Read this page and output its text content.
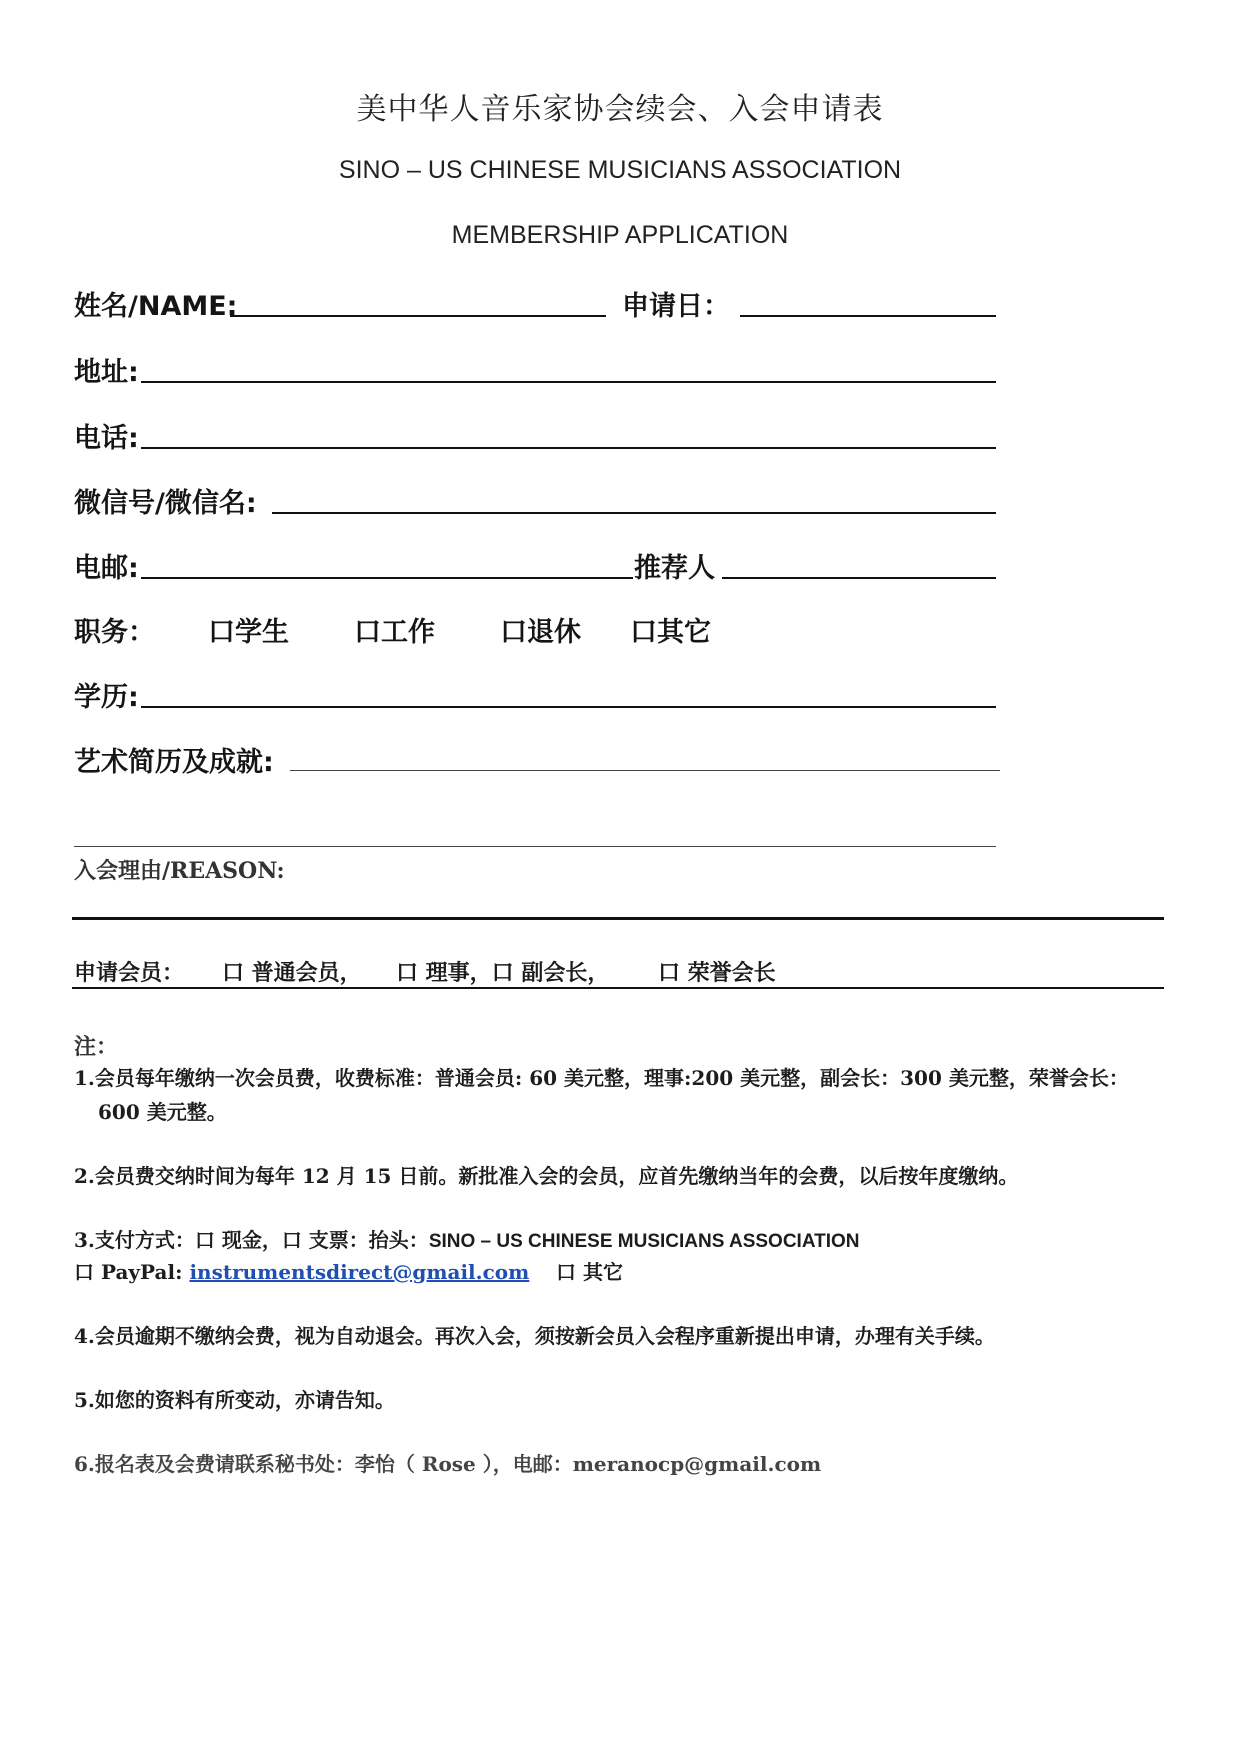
美中华人音乐家协会续会、入会申请表
SINO – US CHINESE MUSICIANS ASSOCIATION
MEMBERSHIP APPLICATION
姓名/NAME:	申请日：
地址:
电话:
微信号/微信名:
电邮:	推荐人
职务： 口学生 口工作 口退休 口其它
学历:
艺术简历及成就:
入会理由/REASON:
申请会员： 口 普通会员， 口 理事，口 副会长， 口 荣誉会长
注：
1.会员每年缴纳一次会员费，收费标准：普通会员: 60 美元整，理事:200 美元整，副会长：300 美元整，荣誉会长：
600 美元整。
2.会员费交纳时间为每年 12 月 15 日前。新批准入会的会员，应首先缴纳当年的会费，以后按年度缴纳。
3.支付方式：口 现金，口 支票：抬头：SINO – US CHINESE MUSICIANS ASSOCIATION
口 PayPal: instrumentsdirect@gmail.com 口 其它
4.会员逾期不缴纳会费，视为自动退会。再次入会，须按新会员入会程序重新提出申请，办理有关手续。
5.如您的资料有所变动，亦请告知。
6.报名表及会费请联系秘书处：李怡（ Rose ），电邮：meranocp@gmail.com
